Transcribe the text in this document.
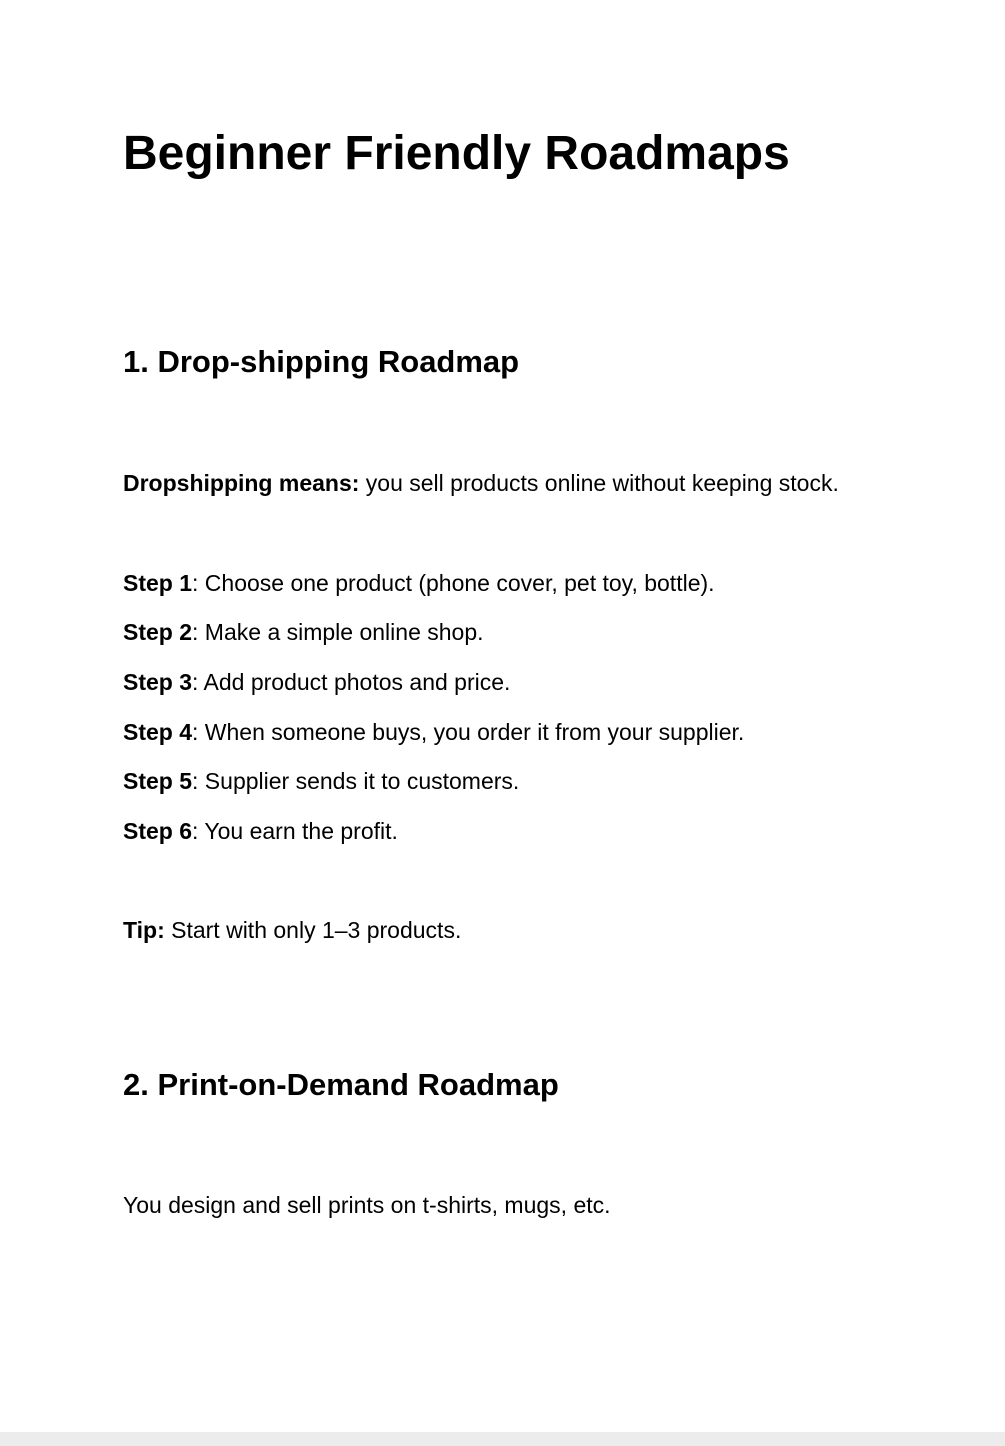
Beginner Friendly Roadmaps
1. Drop-shipping Roadmap

Dropshipping means: you sell products online without keeping stock.

Step 1: Choose one product (phone cover, pet toy, bottle).

Step 2: Make a simple online shop.

Step 3: Add product photos and price.

Step 4: When someone buys, you order it from your supplier.

Step 5: Supplier sends it to customers.

Step 6: You earn the profit.

Tip: Start with only 1–3 products.

2. Print-on-Demand Roadmap

You design and sell prints on t-shirts, mugs, etc.
